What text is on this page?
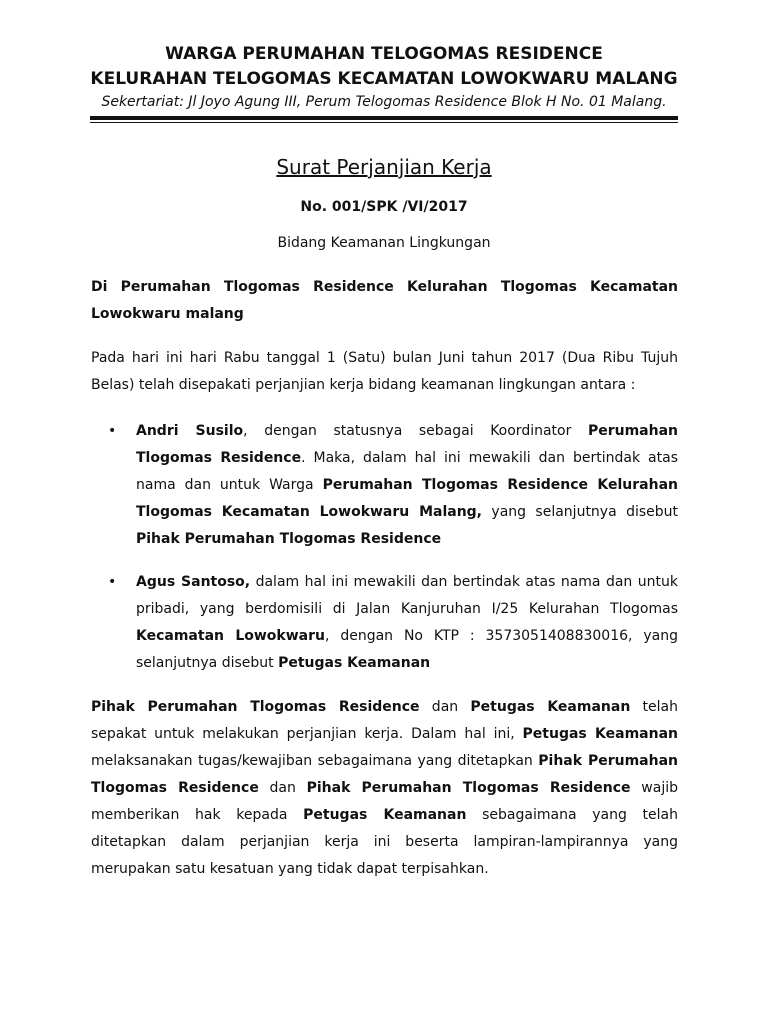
WARGA PERUMAHAN TELOGOMAS RESIDENCE
KELURAHAN TELOGOMAS KECAMATAN LOWOKWARU MALANG
Sekertariat: Jl Joyo Agung III, Perum Telogomas Residence Blok H No. 01 Malang.
Surat Perjanjian Kerja
No. 001/SPK /VI/2017
Bidang Keamanan Lingkungan

Di Perumahan Tlogomas Residence Kelurahan Tlogomas Kecamatan Lowokwaru malang

Pada hari ini hari Rabu tanggal 1 (Satu) bulan Juni tahun 2017 (Dua Ribu Tujuh Belas) telah disepakati perjanjian kerja bidang keamanan lingkungan antara :

• Andri Susilo, dengan statusnya sebagai Koordinator Perumahan Tlogomas Residence. Maka, dalam hal ini mewakili dan bertindak atas nama dan untuk Warga Perumahan Tlogomas Residence Kelurahan Tlogomas Kecamatan Lowokwaru Malang, yang selanjutnya disebut Pihak Perumahan Tlogomas Residence
• Agus Santoso, dalam hal ini mewakili dan bertindak atas nama dan untuk pribadi, yang berdomisili di Jalan Kanjuruhan I/25 Kelurahan Tlogomas Kecamatan Lowokwaru, dengan No KTP : 3573051408830016, yang selanjutnya disebut Petugas Keamanan

Pihak Perumahan Tlogomas Residence dan Petugas Keamanan telah sepakat untuk melakukan perjanjian kerja. Dalam hal ini, Petugas Keamanan melaksanakan tugas/kewajiban sebagaimana yang ditetapkan Pihak Perumahan Tlogomas Residence dan Pihak Perumahan Tlogomas Residence wajib memberikan hak kepada Petugas Keamanan sebagaimana yang telah ditetapkan dalam perjanjian kerja ini beserta lampiran-lampirannya yang merupakan satu kesatuan yang tidak dapat terpisahkan.
